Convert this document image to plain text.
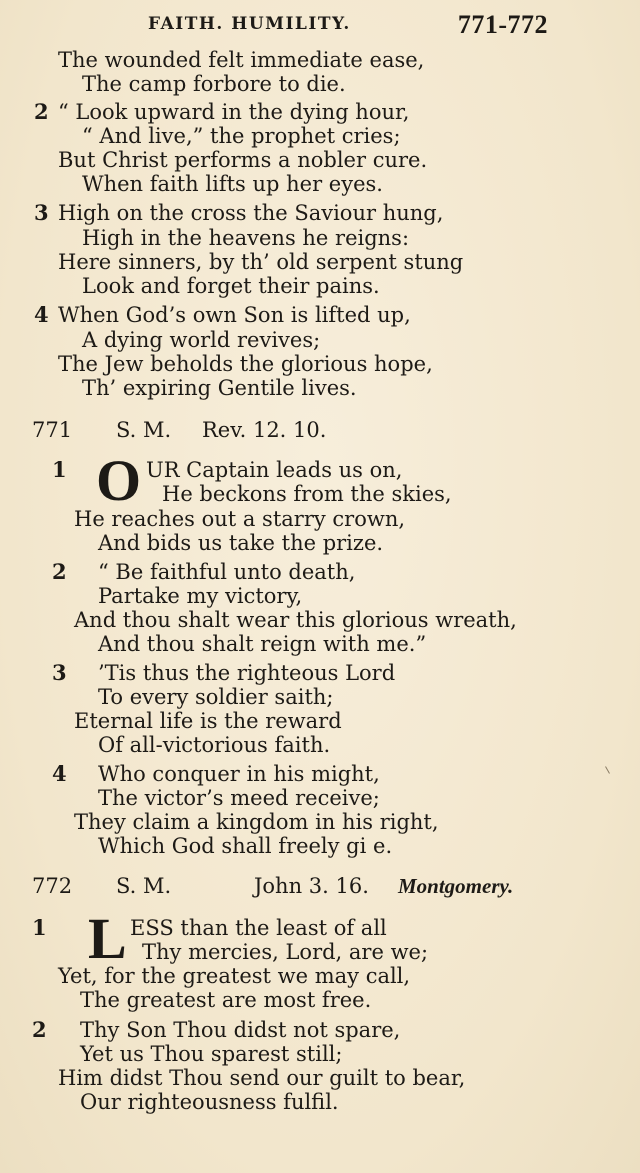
FAITH. HUMILITY.	771-772
The wounded felt immediate ease,
The camp forbore to die.
2 “ Look upward in the dying hour,
“ And live,” the prophet cries;
But Christ performs a nobler cure.
When faith lifts up her eyes.
3 High on the cross the Saviour hung,
High in the heavens he reigns:
Here sinners, by th’ old serpent stung
Look and forget their pains.
4 When God’s own Son is lifted up,
A dying world revives;
The Jew beholds the glorious hope,
Th’ expiring Gentile lives.
771 S. M. Rev. 12. 10.
1 O UR Captain leads us on,
He beckons from the skies,
He reaches out a starry crown,
And bids us take the prize.
2 “ Be faithful unto death,
Partake my victory,
And thou shalt wear this glorious wreath,
And thou shalt reign with me.”
3 ’Tis thus the righteous Lord
To every soldier saith;
Eternal life is the reward
Of all-victorious faith.
4 Who conquer in his might,
The victor’s meed receive;
They claim a kingdom in his right,
Which God shall freely gi e.
772 S. M.	John 3. 16. Montgomery.
1 L ESS than the least of all
Thy mercies, Lord, are we;
Yet, for the greatest we may call,
The greatest are most free.
2 Thy Son Thou didst not spare,
Yet us Thou sparest still;
Him didst Thou send our guilt to bear,
Our righteousness fulfil.
